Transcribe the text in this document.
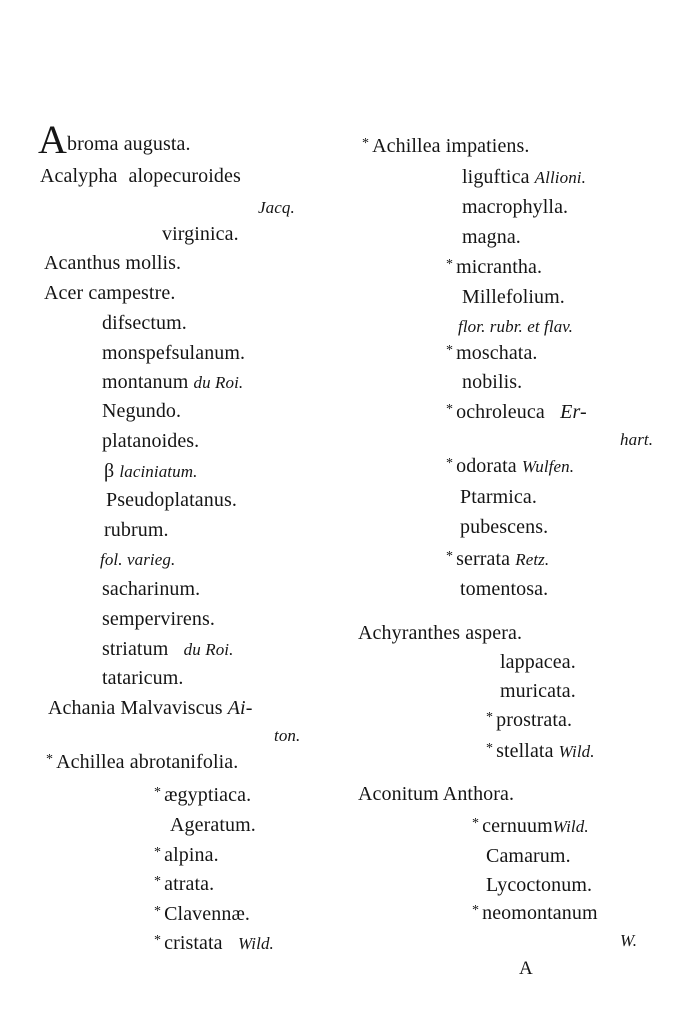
Abroma augusta.
Acalypha alopecuroides
Jacq.
virginica.
Acanthus mollis.
Acer campestre.
difsectum.
monspefsulanum.
montanum du Roi.
Negundo.
platanoides.
β laciniatum.
Pseudoplatanus.
rubrum.
fol. varieg.
sacharinum.
sempervirens.
striatum du Roi.
tataricum.
Achania Malvaviscus Ai-
ton.
* Achillea abrotanifolia.
* ægyptiaca.
Ageratum.
* alpina.
* atrata.
* Clavennæ.
* cristata Wild.
* Achillea impatiens.
liguftica Allioni.
macrophylla.
magna.
* micrantha.
Millefolium.
flor. rubr. et flav.
* moschata.
nobilis.
* ochroleuca Er-
hart.
* odorata Wulfen.
Ptarmica.
pubescens.
* serrata Retz.
tomentosa.
Achyranthes aspera.
lappacea.
muricata.
* prostrata.
* stellata Wild.
Aconitum Anthora.
* cernuumWild.
Camarum.
Lycoctonum.
* neomontanum
W.
A
